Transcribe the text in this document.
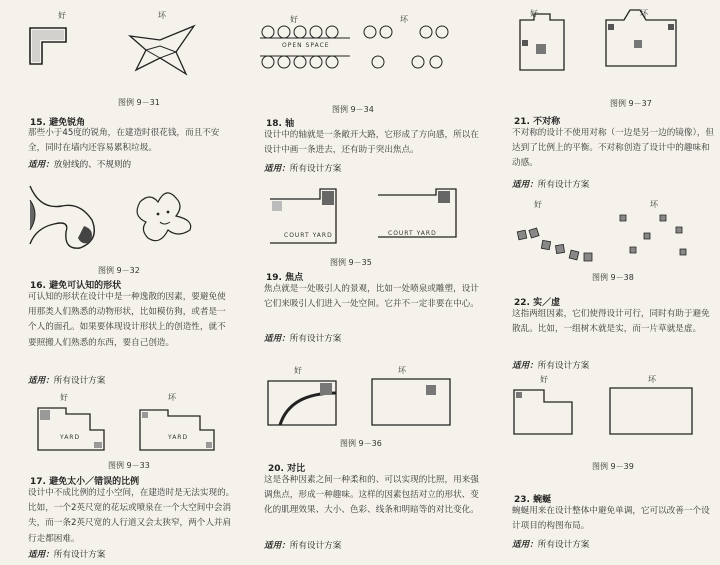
好	坏
图例 9－31
15. 避免锐角
那些小于45度的锐角，在建造时很花钱，而且不安全，同时在墙内还容易累积垃圾。
适用：放射线的、不规则的
图例 9－32
16. 避免可认知的形状
可认知的形状在设计中是一种逸散的因素，要避免使用那类人们熟悉的动物形状，比如模仿狗，或者是一个人的面孔。如果要体现设计形状上的创造性，就不要照搬人们熟悉的东西，要自己创造。
适用：所有设计方案
好	坏
YARD	YARD
图例 9－33
17. 避免太小／错误的比例
设计中不成比例的过小空间，在建造时是无法实现的。比如，一个2英尺宽的花坛或喷泉在一个大空间中会消失，而一条2英尺宽的人行道又会太狭窄，两个人并肩行走都困难。
适用：所有设计方案
好	坏
OPEN SPACE
图例 9－34
18. 轴
设计中的轴就是一条敞开大路，它形成了方向感，所以在设计中画一条进去，还有助于突出焦点。
适用：所有设计方案
COURT YARD	COURT YARD
图例 9－35
19. 焦点
焦点就是一处吸引人的景观，比如一处喷泉或雕塑，设计它们来吸引人们进入一处空间。它并不一定非要在中心。
适用：所有设计方案
好	坏
图例 9－36
20. 对比
这是各种因素之间一种柔和的、可以实现的比照，用来强调焦点，形成一种趣味。这样的因素包括对立的形状、变化的肌理效果、大小、色彩、线条和明暗等的对比变化。
适用：所有设计方案
好	坏
图例 9－37
21. 不对称
不对称的设计不使用对称（一边是另一边的镜像），但达到了比例上的平衡。不对称创造了设计中的趣味和动感。
适用：所有设计方案
好	坏
图例 9－38
22. 实／虚
这指两组因素，它们使得设计可行，同时有助于避免散乱。比如，一组树木就是实，而一片草就是虚。
适用：所有设计方案
好	坏
图例 9－39
23. 蜿蜒
蜿蜒用来在设计整体中避免单调，它可以改善一个设计项目的构图布局。
适用：所有设计方案
